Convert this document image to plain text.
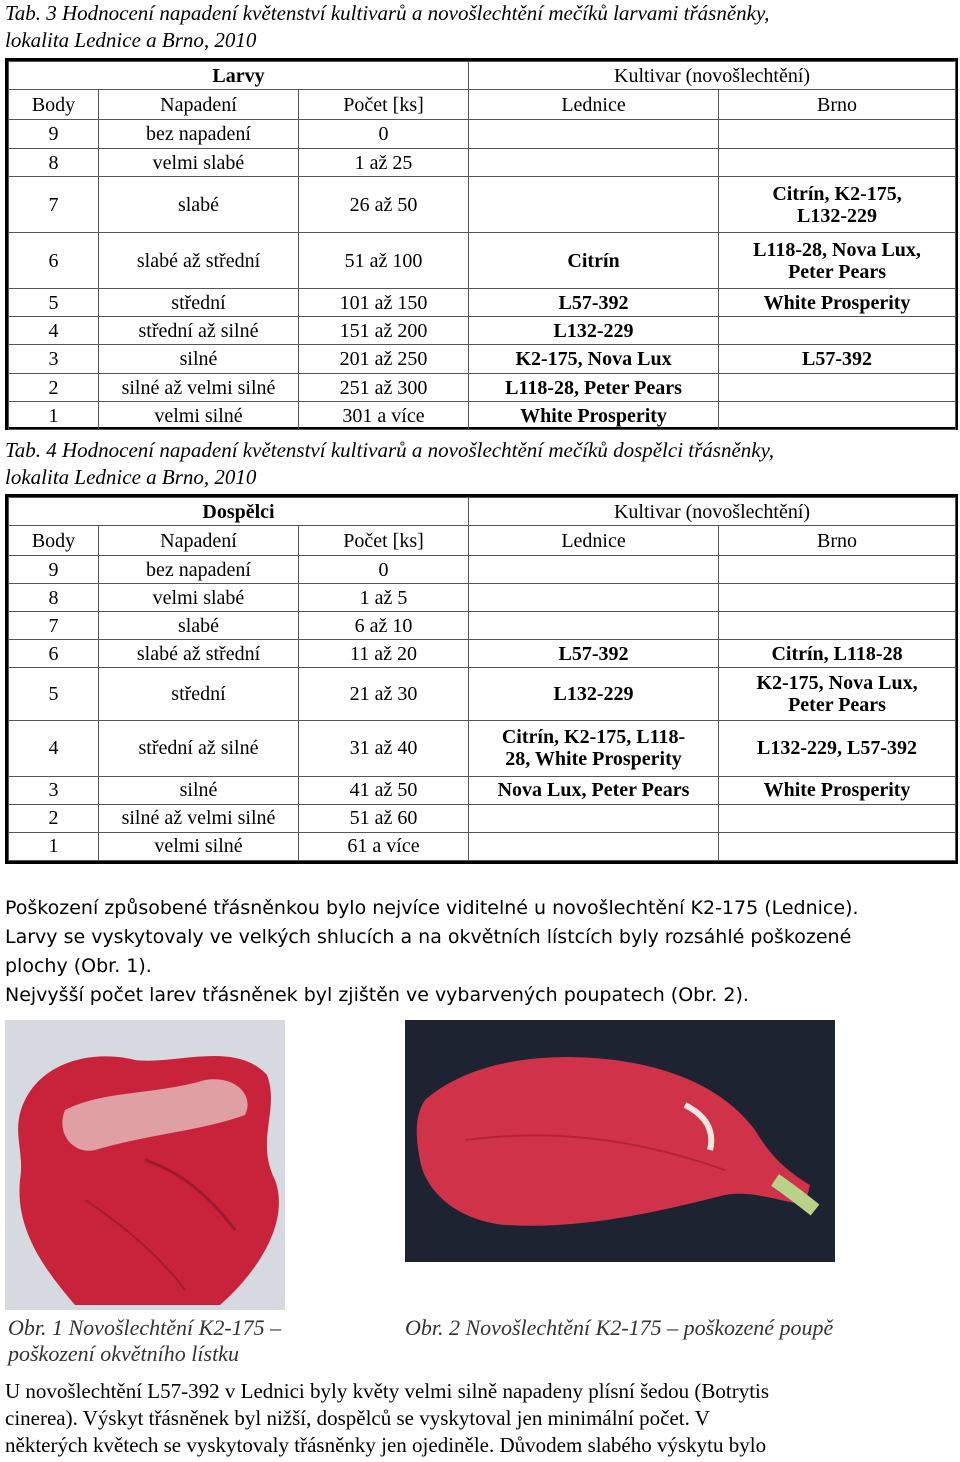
Tab. 3 Hodnocení napadení květenství kultivarů a novošlechtění mečíků larvami třásněnky,
lokalita Lednice a Brno, 2010
Larvy			Kultivar (novošlechtění)	
Body	Napadení	Počet [ks]	Lednice	Brno
9	bez napadení	0		
8	velmi slabé	1 až 25		
7	slabé	26 až 50		Citrín, K2-175,
L132-229
6	slabé až střední	51 až 100	Citrín	L118-28, Nova Lux,
Peter Pears
5	střední	101 až 150	L57-392	White Prosperity
4	střední až silné	151 až 200	L132-229	
3	silné	201 až 250	K2-175, Nova Lux	L57-392
2	silné až velmi silné	251 až 300	L118-28, Peter Pears	
1	velmi silné	301 a více	White Prosperity	
Tab. 4 Hodnocení napadení květenství kultivarů a novošlechtění mečíků dospělci třásněnky,
lokalita Lednice a Brno, 2010
Dospělci			Kultivar (novošlechtění)	
Body	Napadení	Počet [ks]	Lednice	Brno
9	bez napadení	0		
8	velmi slabé	1 až 5		
7	slabé	6 až 10		
6	slabé až střední	11 až 20	L57-392	Citrín, L118-28
5	střední	21 až 30	L132-229	K2-175, Nova Lux,
Peter Pears
4	střední až silné	31 až 40	Citrín, K2-175, L118-
28, White Prosperity	L132-229, L57-392
3	silné	41 až 50	Nova Lux, Peter Pears	White Prosperity
2	silné až velmi silné	51 až 60		
1	velmi silné	61 a více		
Poškození způsobené třásněnkou bylo nejvíce viditelné u novošlechtění K2-175 (Lednice).
Larvy se vyskytovaly ve velkých shlucích a na okvětních lístcích byly rozsáhlé poškozené
plochy (Obr. 1).
Nejvyšší počet larev třásněnek byl zjištěn ve vybarvených poupatech (Obr. 2).
Obr. 1 Novošlechtění K2-175 –
poškození okvětního lístku
Obr. 2 Novošlechtění K2-175 – poškozené poupě
U novošlechtění L57-392 v Lednici byly květy velmi silně napadeny plísní šedou (Botrytis
cinerea). Výskyt třásněnek byl nižší, dospělců se vyskytoval jen minimální počet. V
některých květech se vyskytovaly třásněnky jen ojediněle. Důvodem slabého výskytu bylo
